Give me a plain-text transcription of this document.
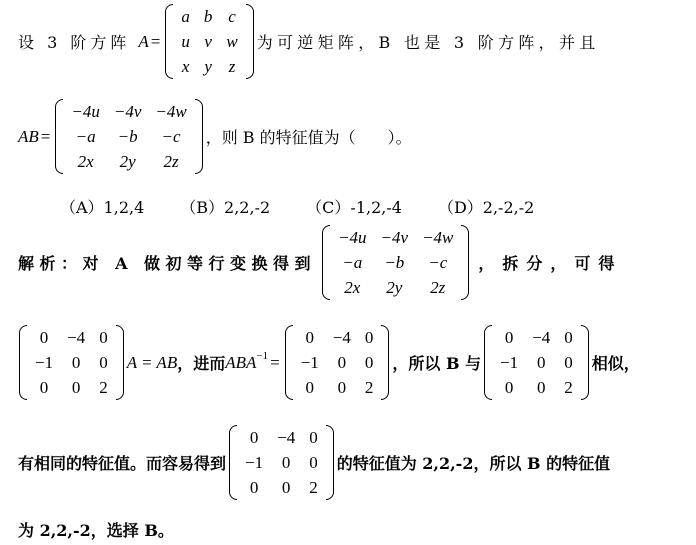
设 3 阶方阵 A =
a	b	c
u	v	w
x	y	z
为可逆矩阵，B 也是 3 阶方阵，并且
AB =
−4u	−4v	−4w
−a	−b	−c
2x	2y	2z
，则 B 的特征值为（　　）。
（A）1,2,4 （B）2,2,-2 （C）-1,2,-4 （D）2,-2,-2
解析：对 A 做初等行变换得到
−4u	−4v	−4w
−a	−b	−c
2x	2y	2z
，拆分，可得
0	−4	0
−1	0	0
0	0	2
A = AB ，进而 $ABA^{-1}$ =
0	−4	0
−1	0	0
0	0	2
，所以 B 与
0	−4	0
−1	0	0
0	0	2
相似，
有相同的特征值。而容易得到
0	−4	0
−1	0	0
0	0	2
的特征值为 2,2,-2，所以 B 的特征值
为 2,2,-2，选择 B。
